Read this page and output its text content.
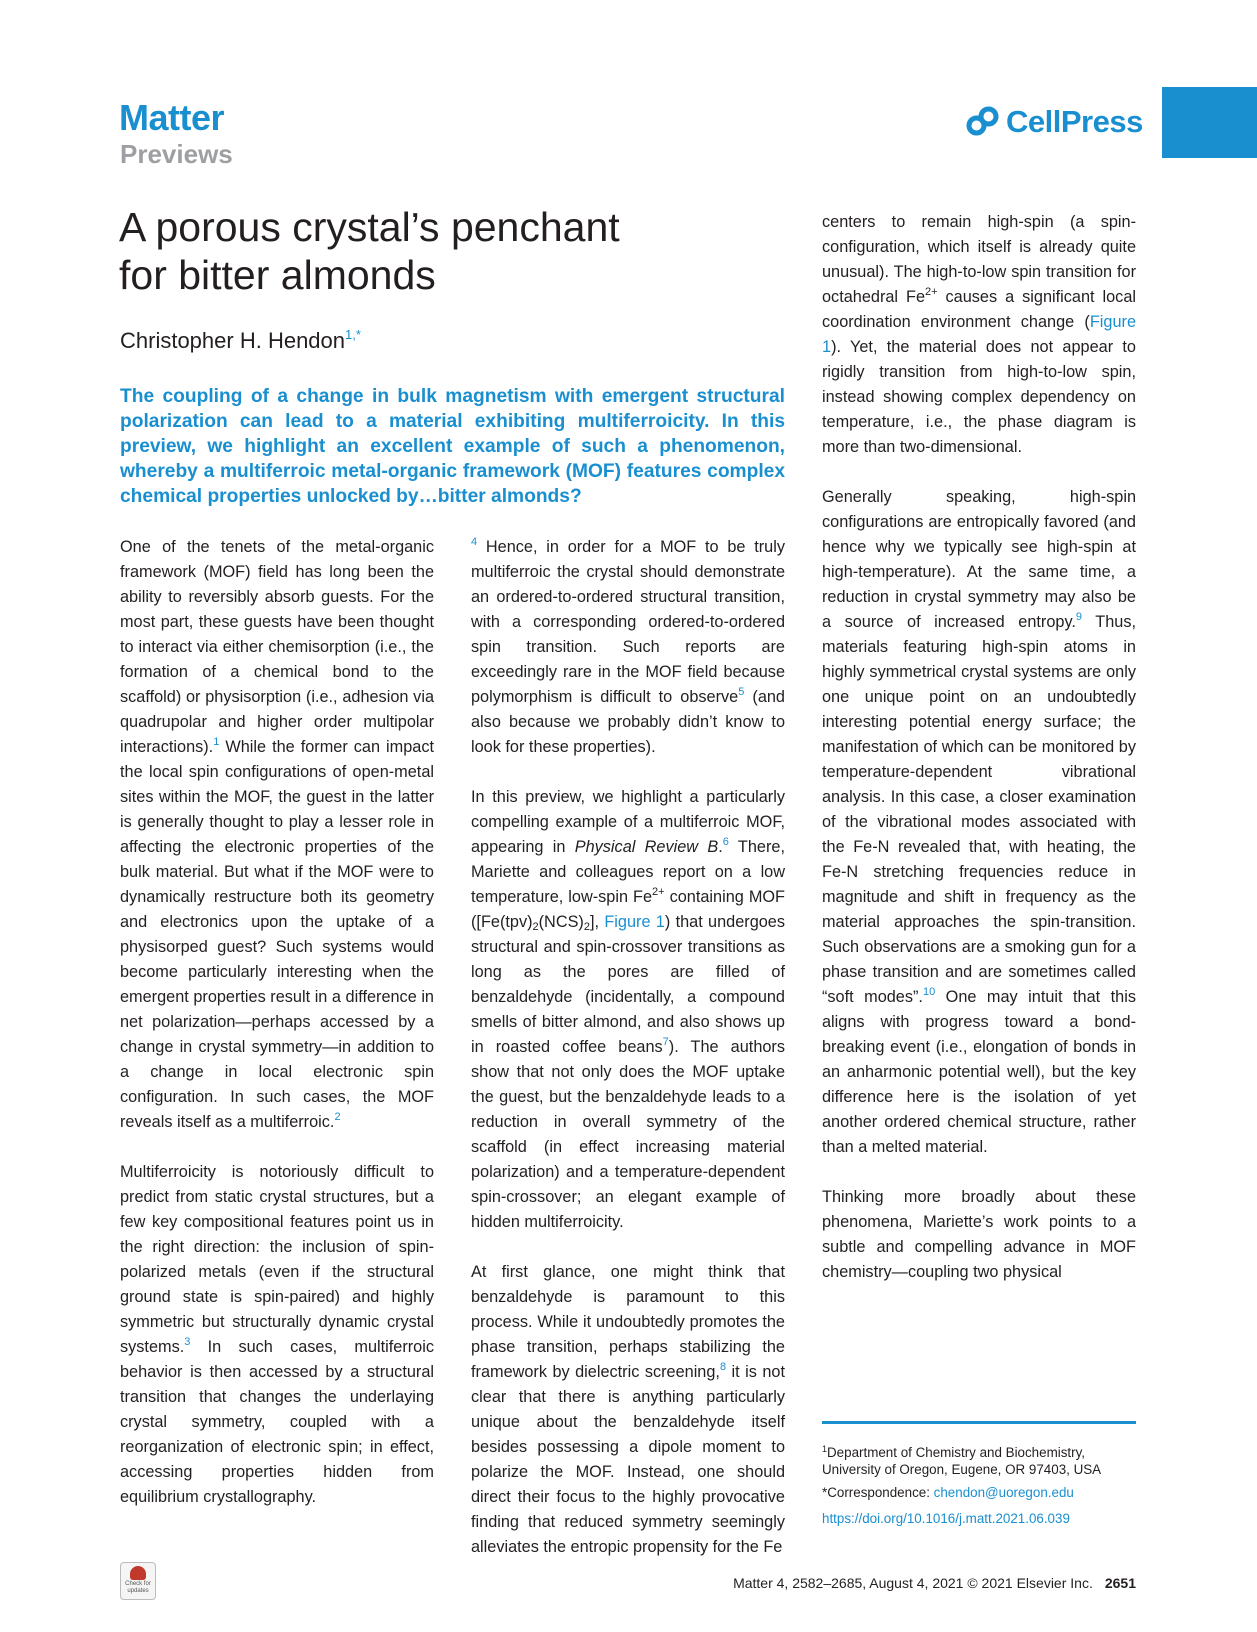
Matter
Previews
CellPress
A porous crystal’s penchant
for bitter almonds
Christopher H. Hendon$^{1,*}$
The coupling of a change in bulk magnetism with emergent structural polarization can lead to a material exhibiting multiferroicity. In this preview, we highlight an excellent example of such a phenomenon, whereby a multiferroic metal-organic framework (MOF) features complex chemical properties unlocked by…bitter almonds?

One of the tenets of the metal-organic framework (MOF) field has long been the ability to reversibly absorb guests. For the most part, these guests have been thought to interact via either chemisorption (i.e., the formation of a chemical bond to the scaffold) or physisorption (i.e., adhesion via quadrupolar and higher order multipolar interactions).$^1$ While the former can impact the local spin configurations of open-metal sites within the MOF, the guest in the latter is generally thought to play a lesser role in affecting the electronic properties of the bulk material. But what if the MOF were to dynamically restructure both its geometry and electronics upon the uptake of a physisorped guest? Such systems would become particularly interesting when the emergent properties result in a difference in net polarization—perhaps accessed by a change in crystal symmetry—in addition to a change in local electronic spin configuration. In such cases, the MOF reveals itself as a multiferroic.$^2$

Multiferroicity is notoriously difficult to predict from static crystal structures, but a few key compositional features point us in the right direction: the inclusion of spin-polarized metals (even if the structural ground state is spin-paired) and highly symmetric but structurally dynamic crystal systems.$^3$ In such cases, multiferroic behavior is then accessed by a structural transition that changes the underlaying crystal symmetry, coupled with a reorganization of electronic spin; in effect, accessing properties hidden from equilibrium crystallography.

$^4$ Hence, in order for a MOF to be truly multiferroic the crystal should demonstrate an ordered-to-ordered structural transition, with a corresponding ordered-to-ordered spin transition. Such reports are exceedingly rare in the MOF field because polymorphism is difficult to observe$^5$ (and also because we probably didn’t know to look for these properties).

In this preview, we highlight a particularly compelling example of a multiferroic MOF, appearing in Physical Review B.$^6$ There, Mariette and colleagues report on a low temperature, low-spin $Fe^{2+}$ containing MOF ($[Fe(tpv)_2(NCS)_2]$, Figure 1) that undergoes structural and spin-crossover transitions as long as the pores are filled of benzaldehyde (incidentally, a compound smells of bitter almond, and also shows up in roasted coffee beans$^7$). The authors show that not only does the MOF uptake the guest, but the benzaldehyde leads to a reduction in overall symmetry of the scaffold (in effect increasing material polarization) and a temperature-dependent spin-crossover; an elegant example of hidden multiferroicity.

At first glance, one might think that benzaldehyde is paramount to this process. While it undoubtedly promotes the phase transition, perhaps stabilizing the framework by dielectric screening,$^8$ it is not clear that there is anything particularly unique about the benzaldehyde itself besides possessing a dipole moment to polarize the MOF. Instead, one should direct their focus to the highly provocative finding that reduced symmetry seemingly alleviates the entropic propensity for the Fe

centers to remain high-spin (a spin-configuration, which itself is already quite unusual). The high-to-low spin transition for octahedral $Fe^{2+}$ causes a significant local coordination environment change (Figure 1). Yet, the material does not appear to rigidly transition from high-to-low spin, instead showing complex dependency on temperature, i.e., the phase diagram is more than two-dimensional.

Generally speaking, high-spin configurations are entropically favored (and hence why we typically see high-spin at high-temperature). At the same time, a reduction in crystal symmetry may also be a source of increased entropy.$^9$ Thus, materials featuring high-spin atoms in highly symmetrical crystal systems are only one unique point on an undoubtedly interesting potential energy surface; the manifestation of which can be monitored by temperature-dependent vibrational analysis. In this case, a closer examination of the vibrational modes associated with the Fe-N revealed that, with heating, the Fe-N stretching frequencies reduce in magnitude and shift in frequency as the material approaches the spin-transition. Such observations are a smoking gun for a phase transition and are sometimes called “soft modes”.$^{10}$ One may intuit that this aligns with progress toward a bond-breaking event (i.e., elongation of bonds in an anharmonic potential well), but the key difference here is the isolation of yet another ordered chemical structure, rather than a melted material.

Thinking more broadly about these phenomena, Mariette’s work points to a subtle and compelling advance in MOF chemistry—coupling two physical

$^1$Department of Chemistry and Biochemistry, University of Oregon, Eugene, OR 97403, USA
*Correspondence: chendon@uoregon.edu
https://doi.org/10.1016/j.matt.2021.06.039
Check for updates	Matter 4, 2582–2685, August 4, 2021 © 2021 Elsevier Inc. 2651
